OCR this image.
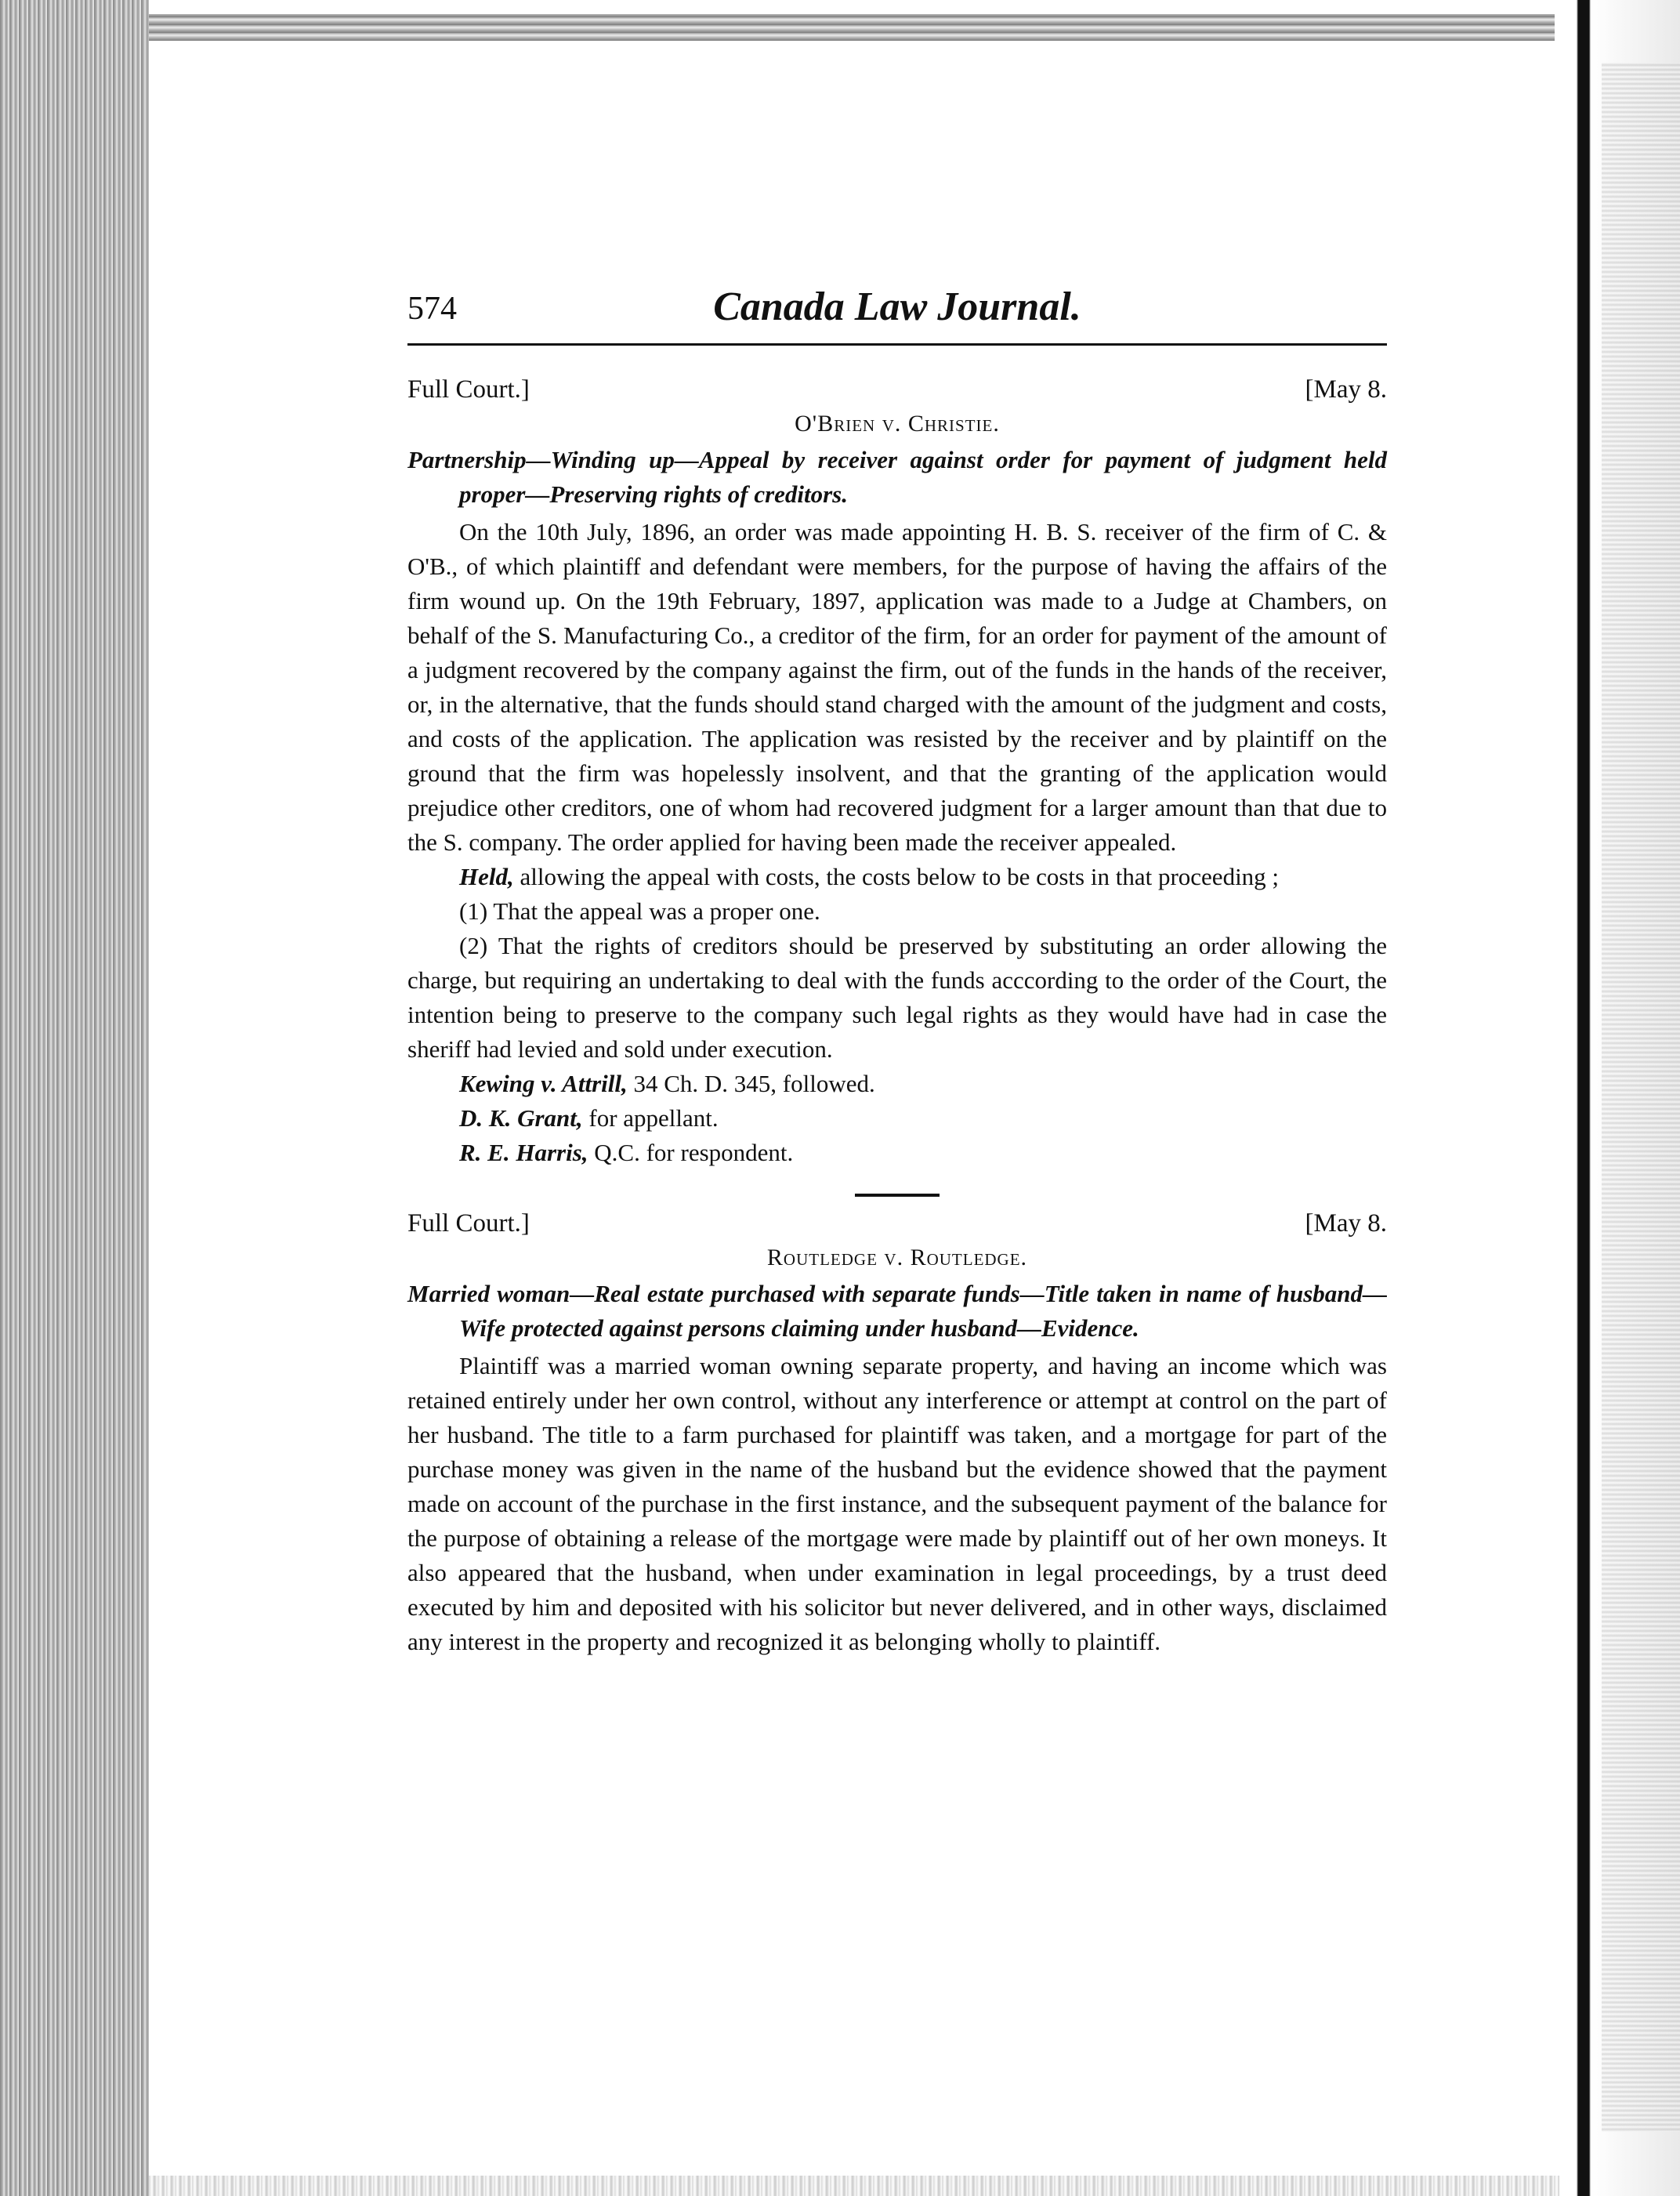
574	Canada Law Journal.
Full Court.]	[May 8.
O'Brien v. Christie.
Partnership—Winding up—Appeal by receiver against order for payment of judgment held proper—Preserving rights of creditors.

On the 10th July, 1896, an order was made appointing H. B. S. receiver of the firm of C. & O'B., of which plaintiff and defendant were members, for the purpose of having the affairs of the firm wound up. On the 19th February, 1897, application was made to a Judge at Chambers, on behalf of the S. Manufacturing Co., a creditor of the firm, for an order for payment of the amount of a judgment recovered by the company against the firm, out of the funds in the hands of the receiver, or, in the alternative, that the funds should stand charged with the amount of the judgment and costs, and costs of the application. The application was resisted by the receiver and by plaintiff on the ground that the firm was hopelessly insolvent, and that the granting of the application would prejudice other creditors, one of whom had recovered judgment for a larger amount than that due to the S. company. The order applied for having been made the receiver appealed.

Held, allowing the appeal with costs, the costs below to be costs in that proceeding ;

(1) That the appeal was a proper one.

(2) That the rights of creditors should be preserved by substituting an order allowing the charge, but requiring an undertaking to deal with the funds acccording to the order of the Court, the intention being to preserve to the company such legal rights as they would have had in case the sheriff had levied and sold under execution.

Kewing v. Attrill, 34 Ch. D. 345, followed.

D. K. Grant, for appellant.

R. E. Harris, Q.C. for respondent.

Full Court.]	[May 8.
Routledge v. Routledge.
Married woman—Real estate purchased with separate funds—Title taken in name of husband—Wife protected against persons claiming under husband—Evidence.

Plaintiff was a married woman owning separate property, and having an income which was retained entirely under her own control, without any interference or attempt at control on the part of her husband. The title to a farm purchased for plaintiff was taken, and a mortgage for part of the purchase money was given in the name of the husband but the evidence showed that the payment made on account of the purchase in the first instance, and the subsequent payment of the balance for the purpose of obtaining a release of the mortgage were made by plaintiff out of her own moneys. It also appeared that the husband, when under examination in legal proceedings, by a trust deed executed by him and deposited with his solicitor but never delivered, and in other ways, disclaimed any interest in the property and recognized it as belonging wholly to plaintiff.
